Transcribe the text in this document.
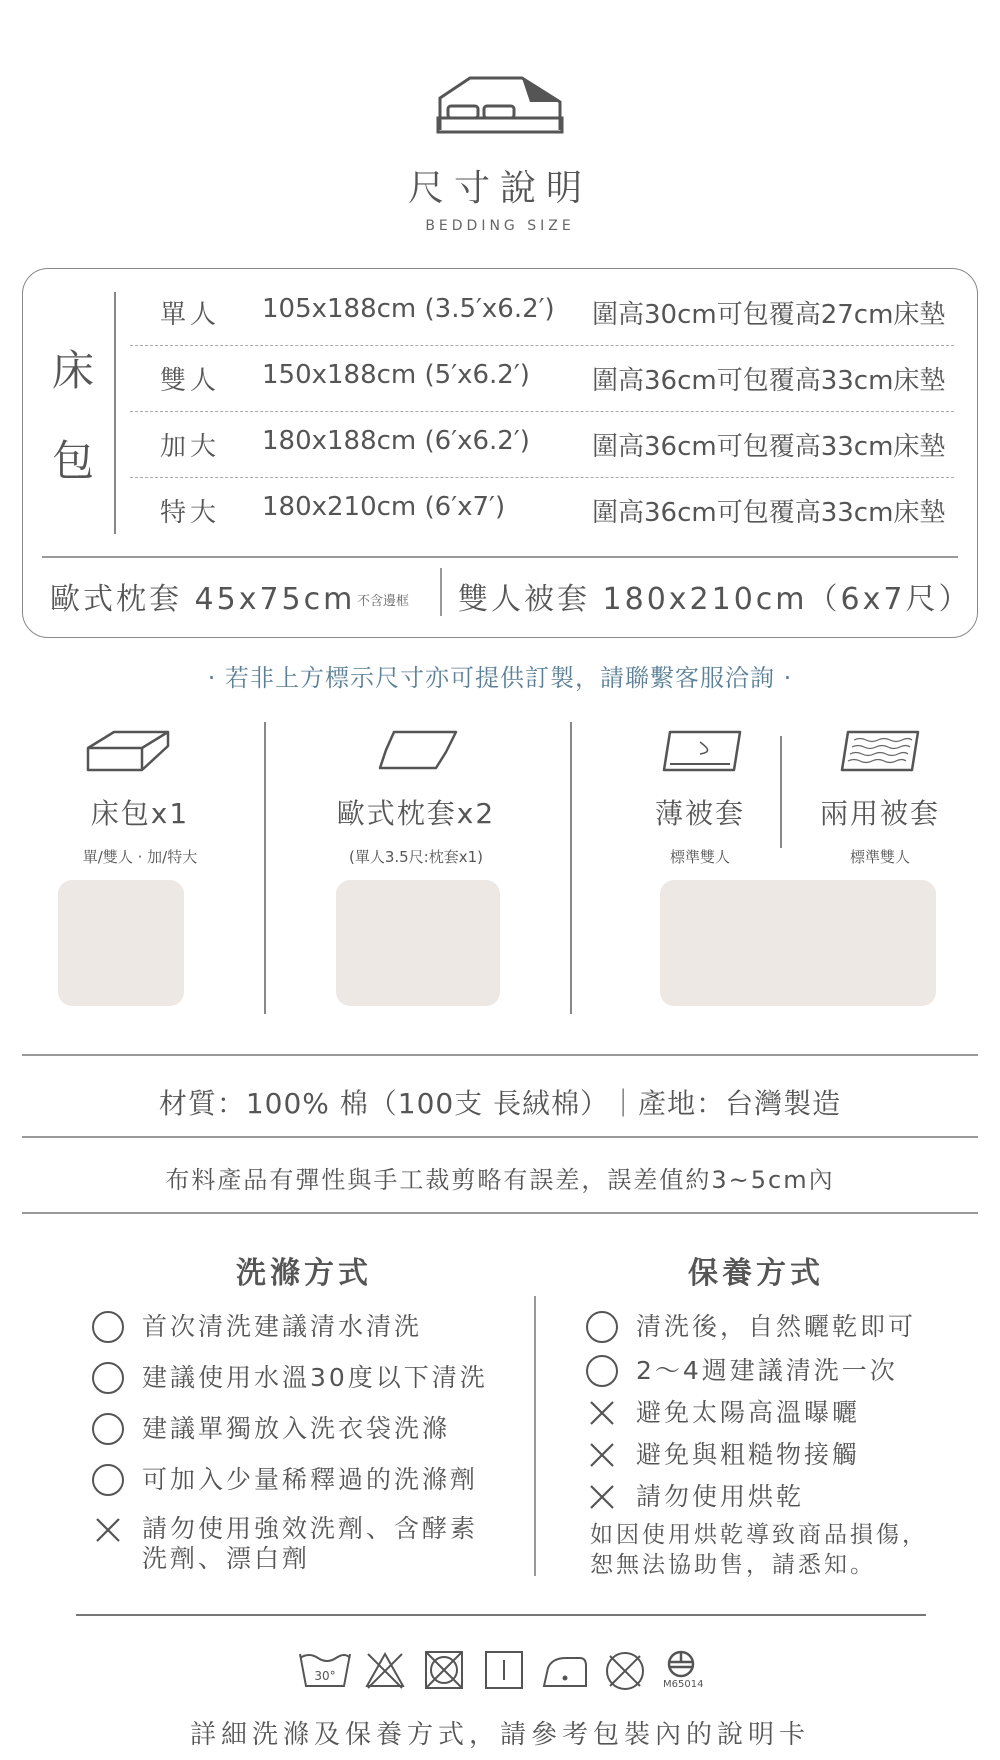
尺寸說明
BEDDING SIZE
床
包
單人 105x188cm (3.5′x6.2′) 圍高30cm可包覆高27cm床墊
雙人 150x188cm (5′x6.2′) 圍高36cm可包覆高33cm床墊
加大 180x188cm (6′x6.2′) 圍高36cm可包覆高33cm床墊
特大 180x210cm (6′x7′)	圍高36cm可包覆高33cm床墊
歐式枕套 45x75cm 不含邊框 雙人被套 180x210cm（6x7尺）
· 若非上方標示尺寸亦可提供訂製，請聯繫客服洽詢 ·
床包x1
單/雙人 · 加/特大
歐式枕套x2
(單人3.5尺:枕套x1)
薄被套
標準雙人
兩用被套
標準雙人
材質：100% 棉（100支 長絨棉）｜產地：台灣製造
布料產品有彈性與手工裁剪略有誤差，誤差值約3~5cm內
洗滌方式
首次清洗建議清水清洗
建議使用水溫30度以下清洗
建議單獨放入洗衣袋洗滌
可加入少量稀釋過的洗滌劑
請勿使用強效洗劑、含酵素
洗劑、漂白劑
保養方式
清洗後，自然曬乾即可
2～4週建議清洗一次
避免太陽高溫曝曬
避免與粗糙物接觸
請勿使用烘乾
如因使用烘乾導致商品損傷，
恕無法協助售，請悉知。
30°
M65014
詳細洗滌及保養方式，請參考包裝內的說明卡
